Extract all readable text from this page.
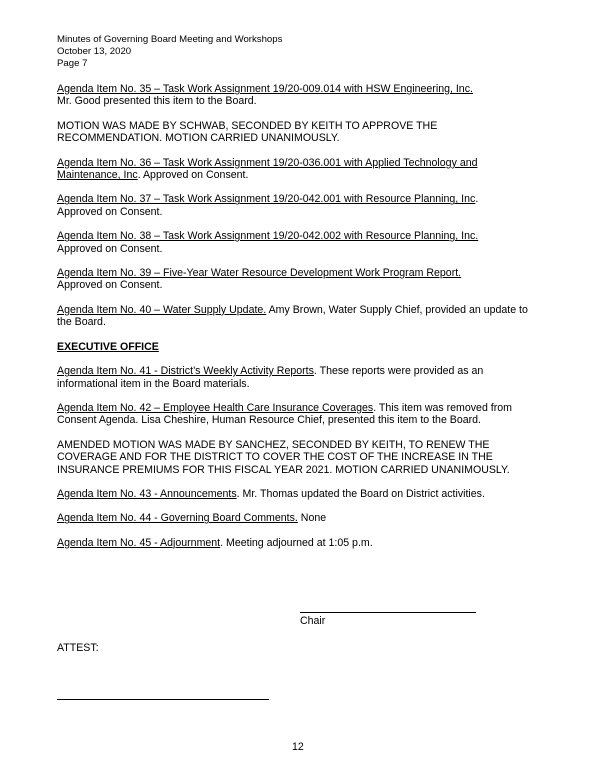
Minutes of Governing Board Meeting and Workshops
October 13, 2020
Page 7

Agenda Item No. 35 – Task Work Assignment 19/20-009.014 with HSW Engineering, Inc.
Mr. Good presented this item to the Board.

MOTION WAS MADE BY SCHWAB, SECONDED BY KEITH TO APPROVE THE RECOMMENDATION. MOTION CARRIED UNANIMOUSLY.

Agenda Item No. 36 – Task Work Assignment 19/20-036.001 with Applied Technology and Maintenance, Inc. Approved on Consent.

Agenda Item No. 37 – Task Work Assignment 19/20-042.001 with Resource Planning, Inc.
Approved on Consent.

Agenda Item No. 38 – Task Work Assignment 19/20-042.002 with Resource Planning, Inc.
Approved on Consent.

Agenda Item No. 39 – Five-Year Water Resource Development Work Program Report.
Approved on Consent.

Agenda Item No. 40 – Water Supply Update. Amy Brown, Water Supply Chief, provided an update to the Board.

EXECUTIVE OFFICE

Agenda Item No. 41 - District’s Weekly Activity Reports. These reports were provided as an informational item in the Board materials.

Agenda Item No. 42 – Employee Health Care Insurance Coverages. This item was removed from Consent Agenda. Lisa Cheshire, Human Resource Chief, presented this item to the Board.

AMENDED MOTION WAS MADE BY SANCHEZ, SECONDED BY KEITH, TO RENEW THE COVERAGE AND FOR THE DISTRICT TO COVER THE COST OF THE INCREASE IN THE INSURANCE PREMIUMS FOR THIS FISCAL YEAR 2021. MOTION CARRIED UNANIMOUSLY.

Agenda Item No. 43 - Announcements. Mr. Thomas updated the Board on District activities.

Agenda Item No. 44 - Governing Board Comments. None

Agenda Item No. 45 - Adjournment. Meeting adjourned at 1:05 p.m.

Chair
ATTEST:
12
